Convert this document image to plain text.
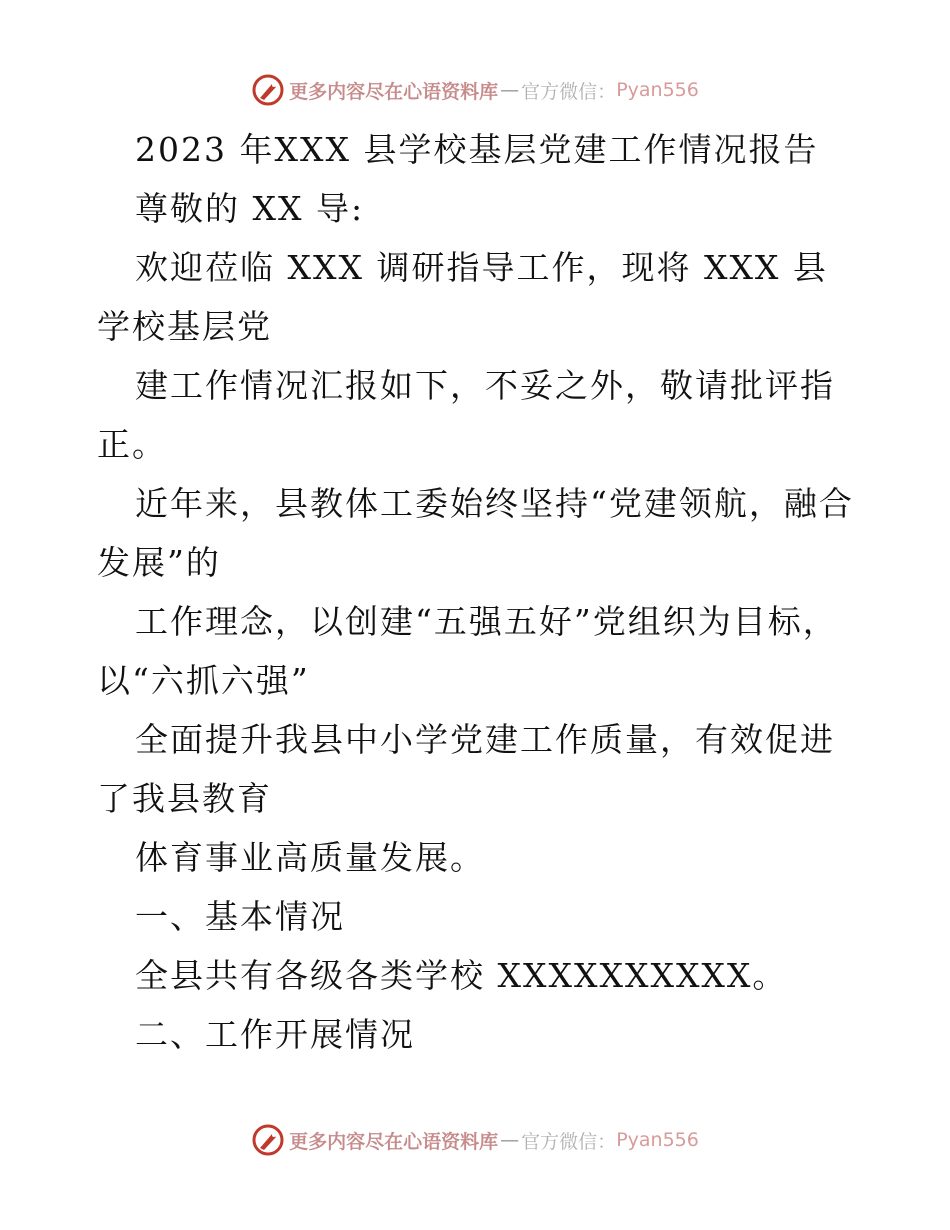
更多内容尽在心语资料库 — 官方微信： Pyan556

2023 年XXX 县学校基层党建工作情况报告

尊敬的 XX 导:

欢迎莅临 XXX 调研指导工作，现将 XXX 县学校基层党

建工作情况汇报如下，不妥之外，敬请批评指正。

近年来，县教体工委始终坚持“党建领航，融合发展”的

工作理念，以创建“五强五好”党组织为目标，以“六抓六强”

全面提升我县中小学党建工作质量，有效促进了我县教育

体育事业高质量发展。

一、基本情况

全县共有各级各类学校 XXXXXXXXXX。

二、工作开展情况

更多内容尽在心语资料库 — 官方微信： Pyan556
